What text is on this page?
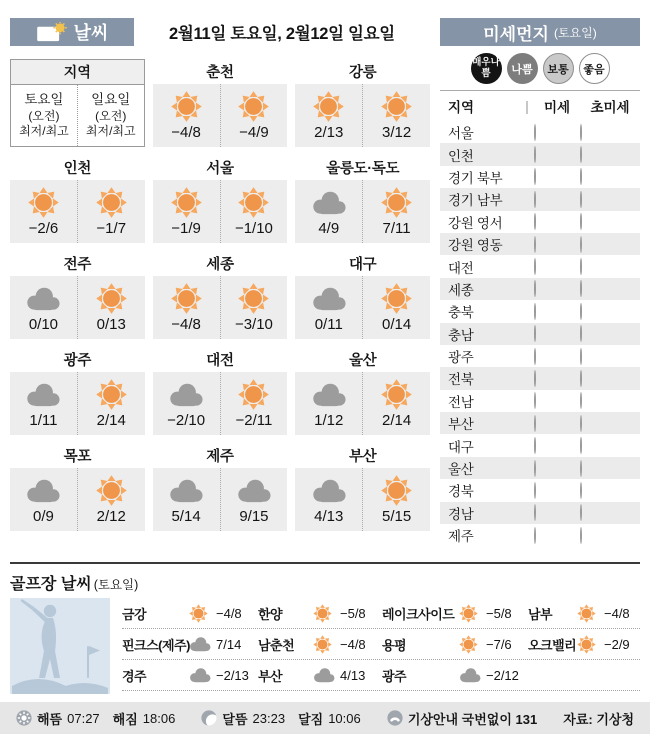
날씨	2월11일 토요일, 2월12일 일요일
지역
토요일
(오전)
최저/최고
일요일
(오전)
최저/최고
춘천
−4/8	−4/9
강릉
2/13	3/12
인천
−2/6	−1/7
서울
−1/9 −1/10
울릉도·독도
4/9	7/11
전주
0/10	0/13
세종
−4/8 −3/10
대구
0/11	0/14
광주
1/11	2/14
대전
−2/10 −2/11
울산
1/12	2/14
목포
0/9	2/12
제주
5/14	9/15
부산
4/13	5/15
미세먼지 (토요일)
매우나쁨	나쁨	보통	좋음
지역	|	미세	초미세
서울
인천
경기 북부
경기 남부
강원 영서
강원 영동
대전
세종
충북
충남
광주
전북
전남
부산
대구
울산
경북
경남
제주
골프장 날씨 (토요일)
금강	−4/8	한양	−5/8	레이크사이드	−5/8	남부	−4/8
핀크스(제주)	7/14	남춘천	−4/8	용평	−7/6	오크밸리	−2/9
경주	−2/13 부산	4/13	광주	−2/12
해뜸 07:27 해짐 18:06	달뜸 23:23 달짐 10:06	기상안내 국번없이 131 자료: 기상청
